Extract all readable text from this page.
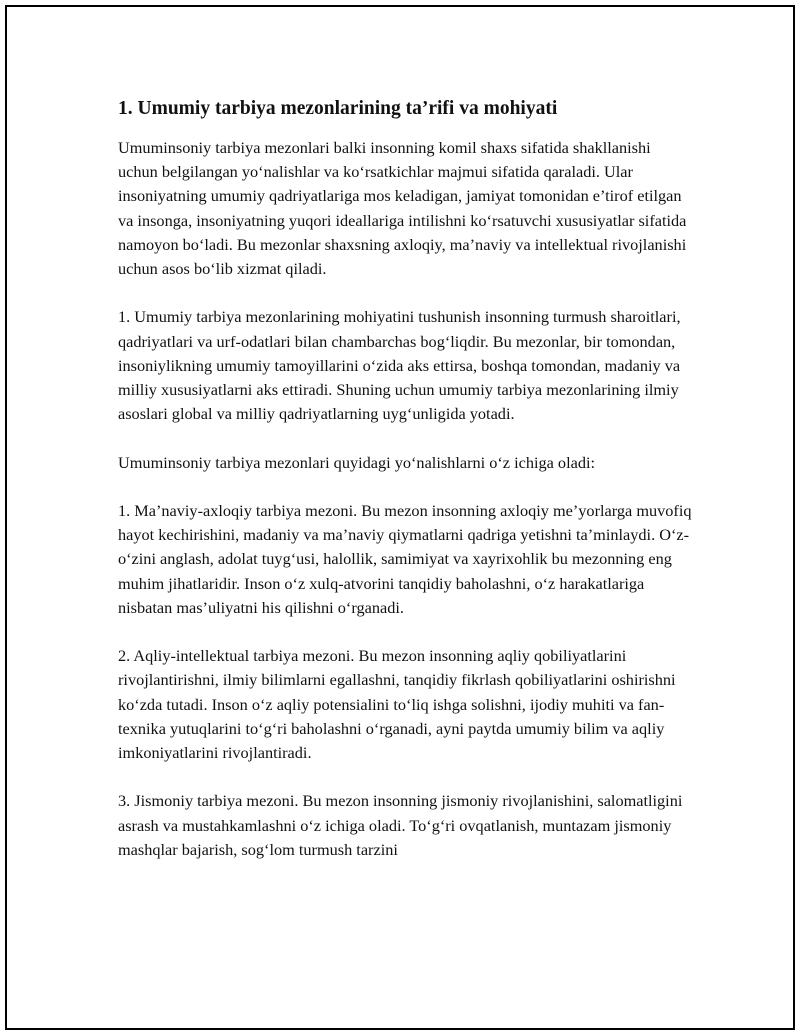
1. Umumiy tarbiya mezonlarining ta’rifi va mohiyati

Umuminsoniy tarbiya mezonlari balki insonning komil shaxs sifatida shakllanishi uchun belgilangan yo‘nalishlar va ko‘rsatkichlar majmui sifatida qaraladi. Ular insoniyatning umumiy qadriyatlariga mos keladigan, jamiyat tomonidan e’tirof etilgan va insonga, insoniyatning yuqori ideallariga intilishni ko‘rsatuvchi xususiyatlar sifatida namoyon bo‘ladi. Bu mezonlar shaxsning axloqiy, ma’naviy va intellektual rivojlanishi uchun asos bo‘lib xizmat qiladi.

1. Umumiy tarbiya mezonlarining mohiyatini tushunish insonning turmush sharoitlari, qadriyatlari va urf-odatlari bilan chambarchas bog‘liqdir. Bu mezonlar, bir tomondan, insoniylikning umumiy tamoyillarini o‘zida aks ettirsa, boshqa tomondan, madaniy va milliy xususiyatlarni aks ettiradi. Shuning uchun umumiy tarbiya mezonlarining ilmiy asoslari global va milliy qadriyatlarning uyg‘unligida yotadi.

Umuminsoniy tarbiya mezonlari quyidagi yo‘nalishlarni o‘z ichiga oladi:

1. Ma’naviy-axloqiy tarbiya mezoni. Bu mezon insonning axloqiy me’yorlarga muvofiq hayot kechirishini, madaniy va ma’naviy qiymatlarni qadriga yetishni ta’minlaydi. O‘z-o‘zini anglash, adolat tuyg‘usi, halollik, samimiyat va xayrixohlik bu mezonning eng muhim jihatlaridir. Inson o‘z xulq-atvorini tanqidiy baholashni, o‘z harakatlariga nisbatan mas’uliyatni his qilishni o‘rganadi.

2. Aqliy-intellektual tarbiya mezoni. Bu mezon insonning aqliy qobiliyatlarini rivojlantirishni, ilmiy bilimlarni egallashni, tanqidiy fikrlash qobiliyatlarini oshirishni ko‘zda tutadi. Inson o‘z aqliy potensialini to‘liq ishga solishni, ijodiy muhiti va fan-texnika yutuqlarini to‘g‘ri baholashni o‘rganadi, ayni paytda umumiy bilim va aqliy imkoniyatlarini rivojlantiradi.

3. Jismoniy tarbiya mezoni. Bu mezon insonning jismoniy rivojlanishini, salomatligini asrash va mustahkamlashni o‘z ichiga oladi. To‘g‘ri ovqatlanish, muntazam jismoniy mashqlar bajarish, sog‘lom turmush tarzini
